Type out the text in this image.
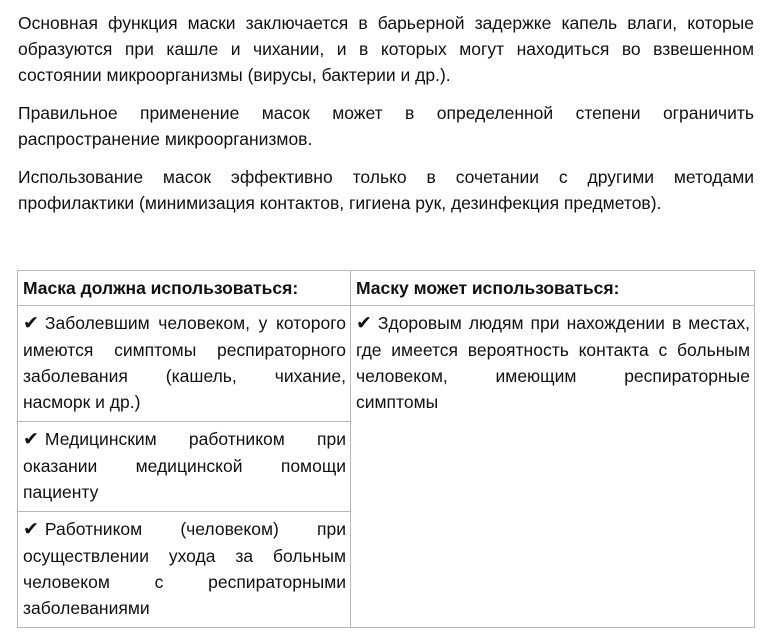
Основная функция маски заключается в барьерной задержке капель влаги, которые образуются при кашле и чихании, и в которых могут находиться во взвешенном состоянии микроорганизмы (вирусы, бактерии и др.).

Правильное применение масок может в определенной степени ограничить распространение микроорганизмов.

Использование масок эффективно только в сочетании с другими методами профилактики (минимизация контактов, гигиена рук, дезинфекция предметов).

Маска должна использоваться:	Маску может использоваться:
✔ Заболевшим человеком, у которого имеются симптомы респираторного заболевания (кашель, чихание, насморк и др.)	✔ Здоровым людям при нахождении в местах, где имеется вероятность контакта с больным человеком, имеющим респираторные симптомы
✔ Медицинским работником при оказании медицинской помощи пациенту	
✔ Работником (человеком) при осуществлении ухода за больным человеком с респираторными заболеваниями	
